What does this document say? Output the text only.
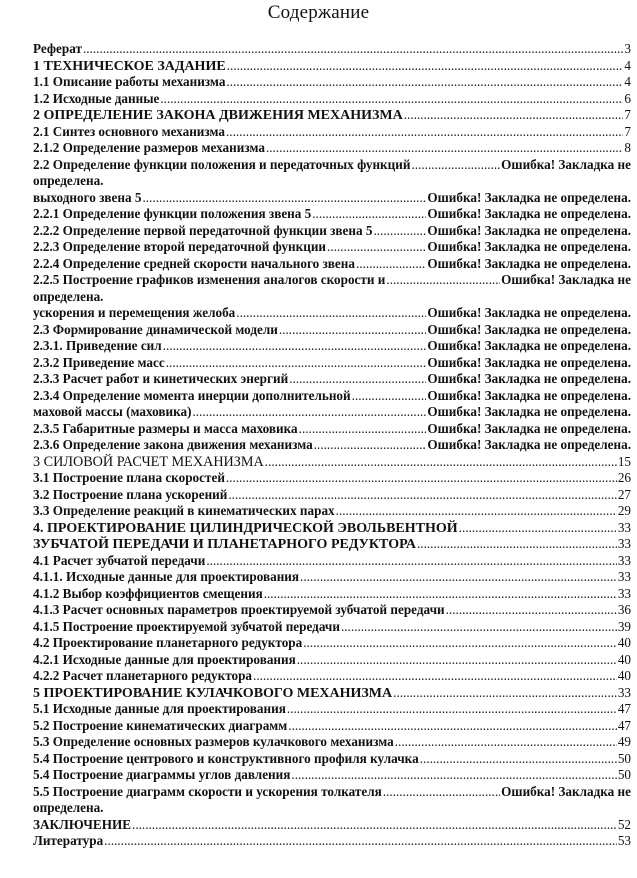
Содержание
Реферат .....	3
1 ТЕХНИЧЕСКОЕ ЗАДАНИЕ .....	4
1.1 Описание работы механизма .....	4
1.2 Исходные данные .....	6
2 ОПРЕДЕЛЕНИЕ ЗАКОНА ДВИЖЕНИЯ МЕХАНИЗМА .....	7
2.1 Синтез основного механизма .....	7
2.1.2 Определение размеров механизма .....	8
2.2 Определение функции положения и передаточных функций .....	Ошибка! Закладка не
определена.
выходного звена 5 .....	Ошибка! Закладка не определена.
2.2.1 Определение функции положения звена 5 .....	Ошибка! Закладка не определена.
2.2.2 Определение первой передаточной функции звена 5 .....	Ошибка! Закладка не определена.
2.2.3 Определение второй передаточной функции .....	Ошибка! Закладка не определена.
2.2.4 Определение средней скорости начального звена .....	Ошибка! Закладка не определена.
2.2.5 Построение графиков изменения аналогов скорости и .....	Ошибка! Закладка не
определена.
ускорения и перемещения желоба .....	Ошибка! Закладка не определена.
2.3 Формирование динамической модели .....	Ошибка! Закладка не определена.
2.3.1. Приведение сил .....	Ошибка! Закладка не определена.
2.3.2 Приведение масс .....	Ошибка! Закладка не определена.
2.3.3 Расчет работ и кинетических энергий .....	Ошибка! Закладка не определена.
2.3.4 Определение момента инерции дополнительной .....	Ошибка! Закладка не определена.
маховой массы (маховика) .....	Ошибка! Закладка не определена.
2.3.5 Габаритные размеры и масса маховика .....	Ошибка! Закладка не определена.
2.3.6 Определение закона движения механизма .....	Ошибка! Закладка не определена.
3 СИЛОВОЙ РАСЧЕТ МЕХАНИЗМА .....	15
3.1 Построение плана скоростей .....	26
3.2 Построение плана ускорений .....	27
3.3 Определение реакций в кинематических парах .....	29
4. ПРОЕКТИРОВАНИЕ ЦИЛИНДРИЧЕСКОЙ ЭВОЛЬВЕНТНОЙ .....	33
ЗУБЧАТОЙ ПЕРЕДАЧИ И ПЛАНЕТАРНОГО РЕДУКТОРА .....	33
4.1 Расчет зубчатой передачи .....	33
4.1.1. Исходные данные для проектирования .....	33
4.1.2 Выбор коэффициентов смещения .....	33
4.1.3 Расчет основных параметров проектируемой зубчатой передачи .....	36
4.1.5 Построение проектируемой зубчатой передачи .....	39
4.2 Проектирование планетарного редуктора .....	40
4.2.1 Исходные данные для проектирования .....	40
4.2.2 Расчет планетарного редуктора .....	40
5 ПРОЕКТИРОВАНИЕ КУЛАЧКОВОГО МЕХАНИЗМА .....	33
5.1 Исходные данные для проектирования .....	47
5.2 Построение кинематических диаграмм .....	47
5.3 Определение основных размеров кулачкового механизма .....	49
5.4 Построение центрового и конструктивного профиля кулачка .....	50
5.4 Построение диаграммы углов давления .....	50
5.5 Построение диаграмм скорости и ускорения толкателя .....	Ошибка! Закладка не
определена.
ЗАКЛЮЧЕНИЕ .....	52
Литература .....	53
